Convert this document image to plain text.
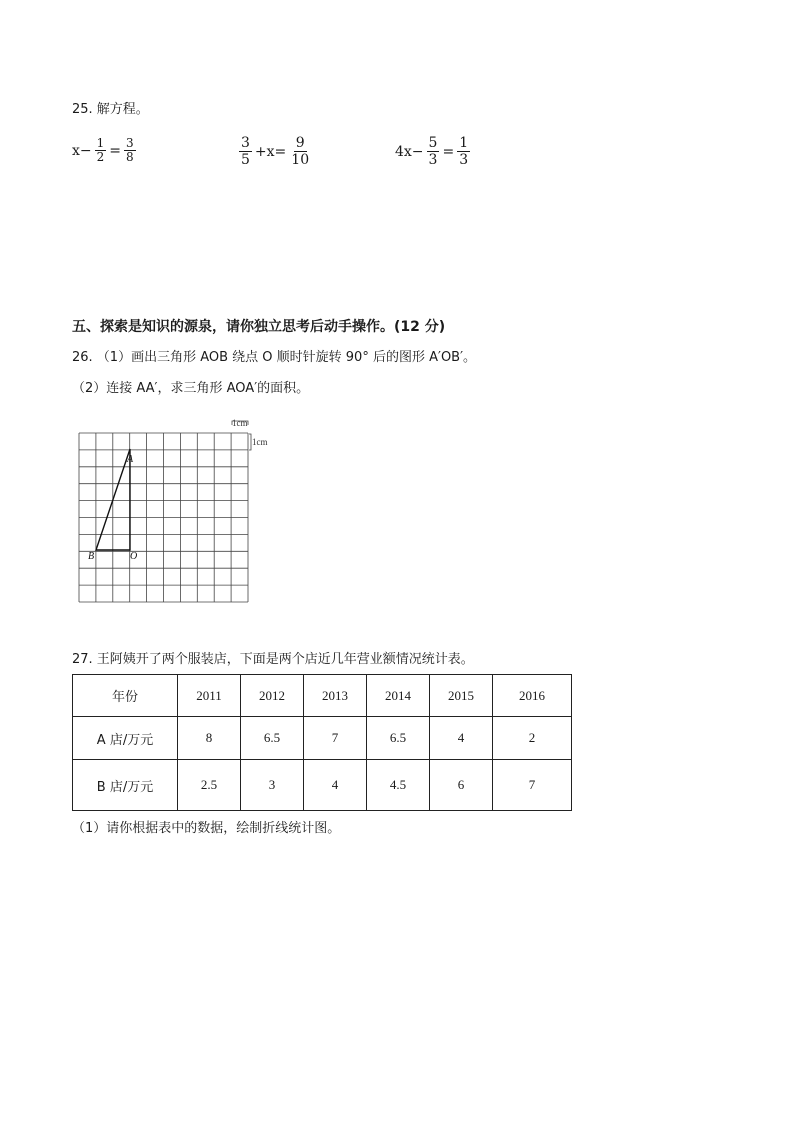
25. 解方程。
$x- \frac{1}{2} = \frac{3}{8}$	$\frac{3}{5} +x= \frac{9}{10}$	$4x- \frac{5}{3} = \frac{1}{3}$
五、探索是知识的源泉，请你独立思考后动手操作。(12 分)
26. （1）画出三角形 AOB 绕点 O 顺时针旋转 90° 后的图形 A′OB′。
（2）连接 AA′，求三角形 AOA′的面积。
1cm
1cm
A
B	O
27. 王阿姨开了两个服装店，下面是两个店近几年营业额情况统计表。
年份	2011	2012	2013	2014	2015	2016
A 店/万元	8	6.5	7	6.5	4	2
B 店/万元	2.5	3	4	4.5	6	7
（1）请你根据表中的数据，绘制折线统计图。
